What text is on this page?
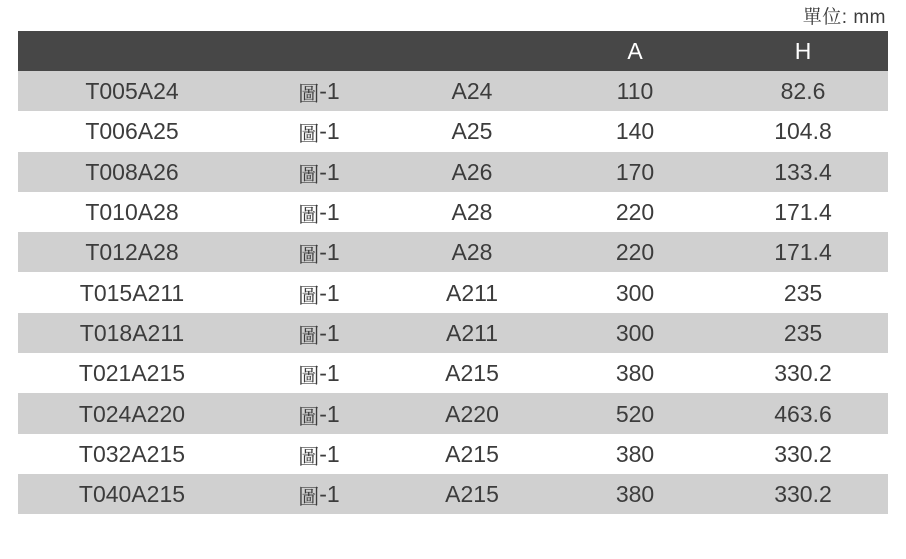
單位: mm
			A	H
T005A24	圖-1	A24	110	82.6
T006A25	圖-1	A25	140	104.8
T008A26	圖-1	A26	170	133.4
T010A28	圖-1	A28	220	171.4
T012A28	圖-1	A28	220	171.4
T015A211	圖-1	A211	300	235
T018A211	圖-1	A211	300	235
T021A215	圖-1	A215	380	330.2
T024A220	圖-1	A220	520	463.6
T032A215	圖-1	A215	380	330.2
T040A215	圖-1	A215	380	330.2
